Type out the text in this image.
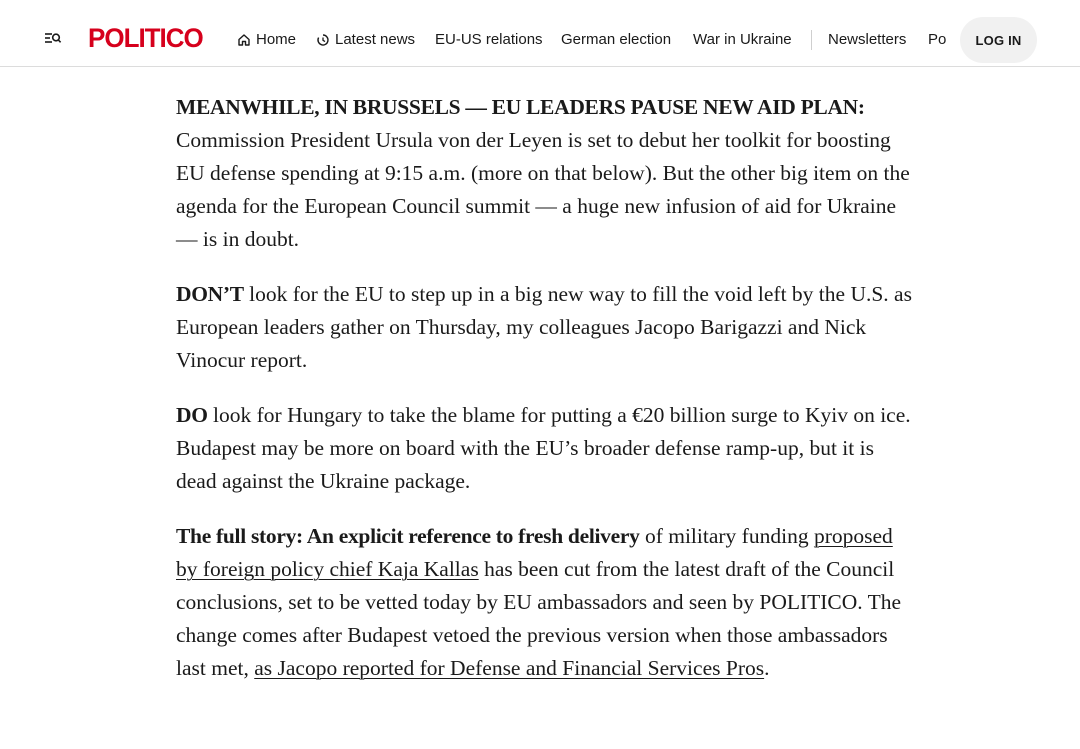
POLITICO	Home	Latest news EU-US relations German election War in Ukraine Newsletters Po	LOG IN

MEANWHILE, IN BRUSSELS — EU LEADERS PAUSE NEW AID PLAN: Commission President Ursula von der Leyen is set to debut her toolkit for boosting EU defense spending at 9:15 a.m. (more on that below). But the other big item on the agenda for the European Council summit — a huge new infusion of aid for Ukraine — is in doubt.

DON’T look for the EU to step up in a big new way to fill the void left by the U.S. as European leaders gather on Thursday, my colleagues Jacopo Barigazzi and Nick Vinocur report.

DO look for Hungary to take the blame for putting a €20 billion surge to Kyiv on ice. Budapest may be more on board with the EU’s broader defense ramp-up, but it is dead against the Ukraine package.

The full story: An explicit reference to fresh delivery of military funding proposed by foreign policy chief Kaja Kallas has been cut from the latest draft of the Council conclusions, set to be vetted today by EU ambassadors and seen by POLITICO. The change comes after Budapest vetoed the previous version when those ambassadors last met, as Jacopo reported for Defense and Financial Services Pros.
